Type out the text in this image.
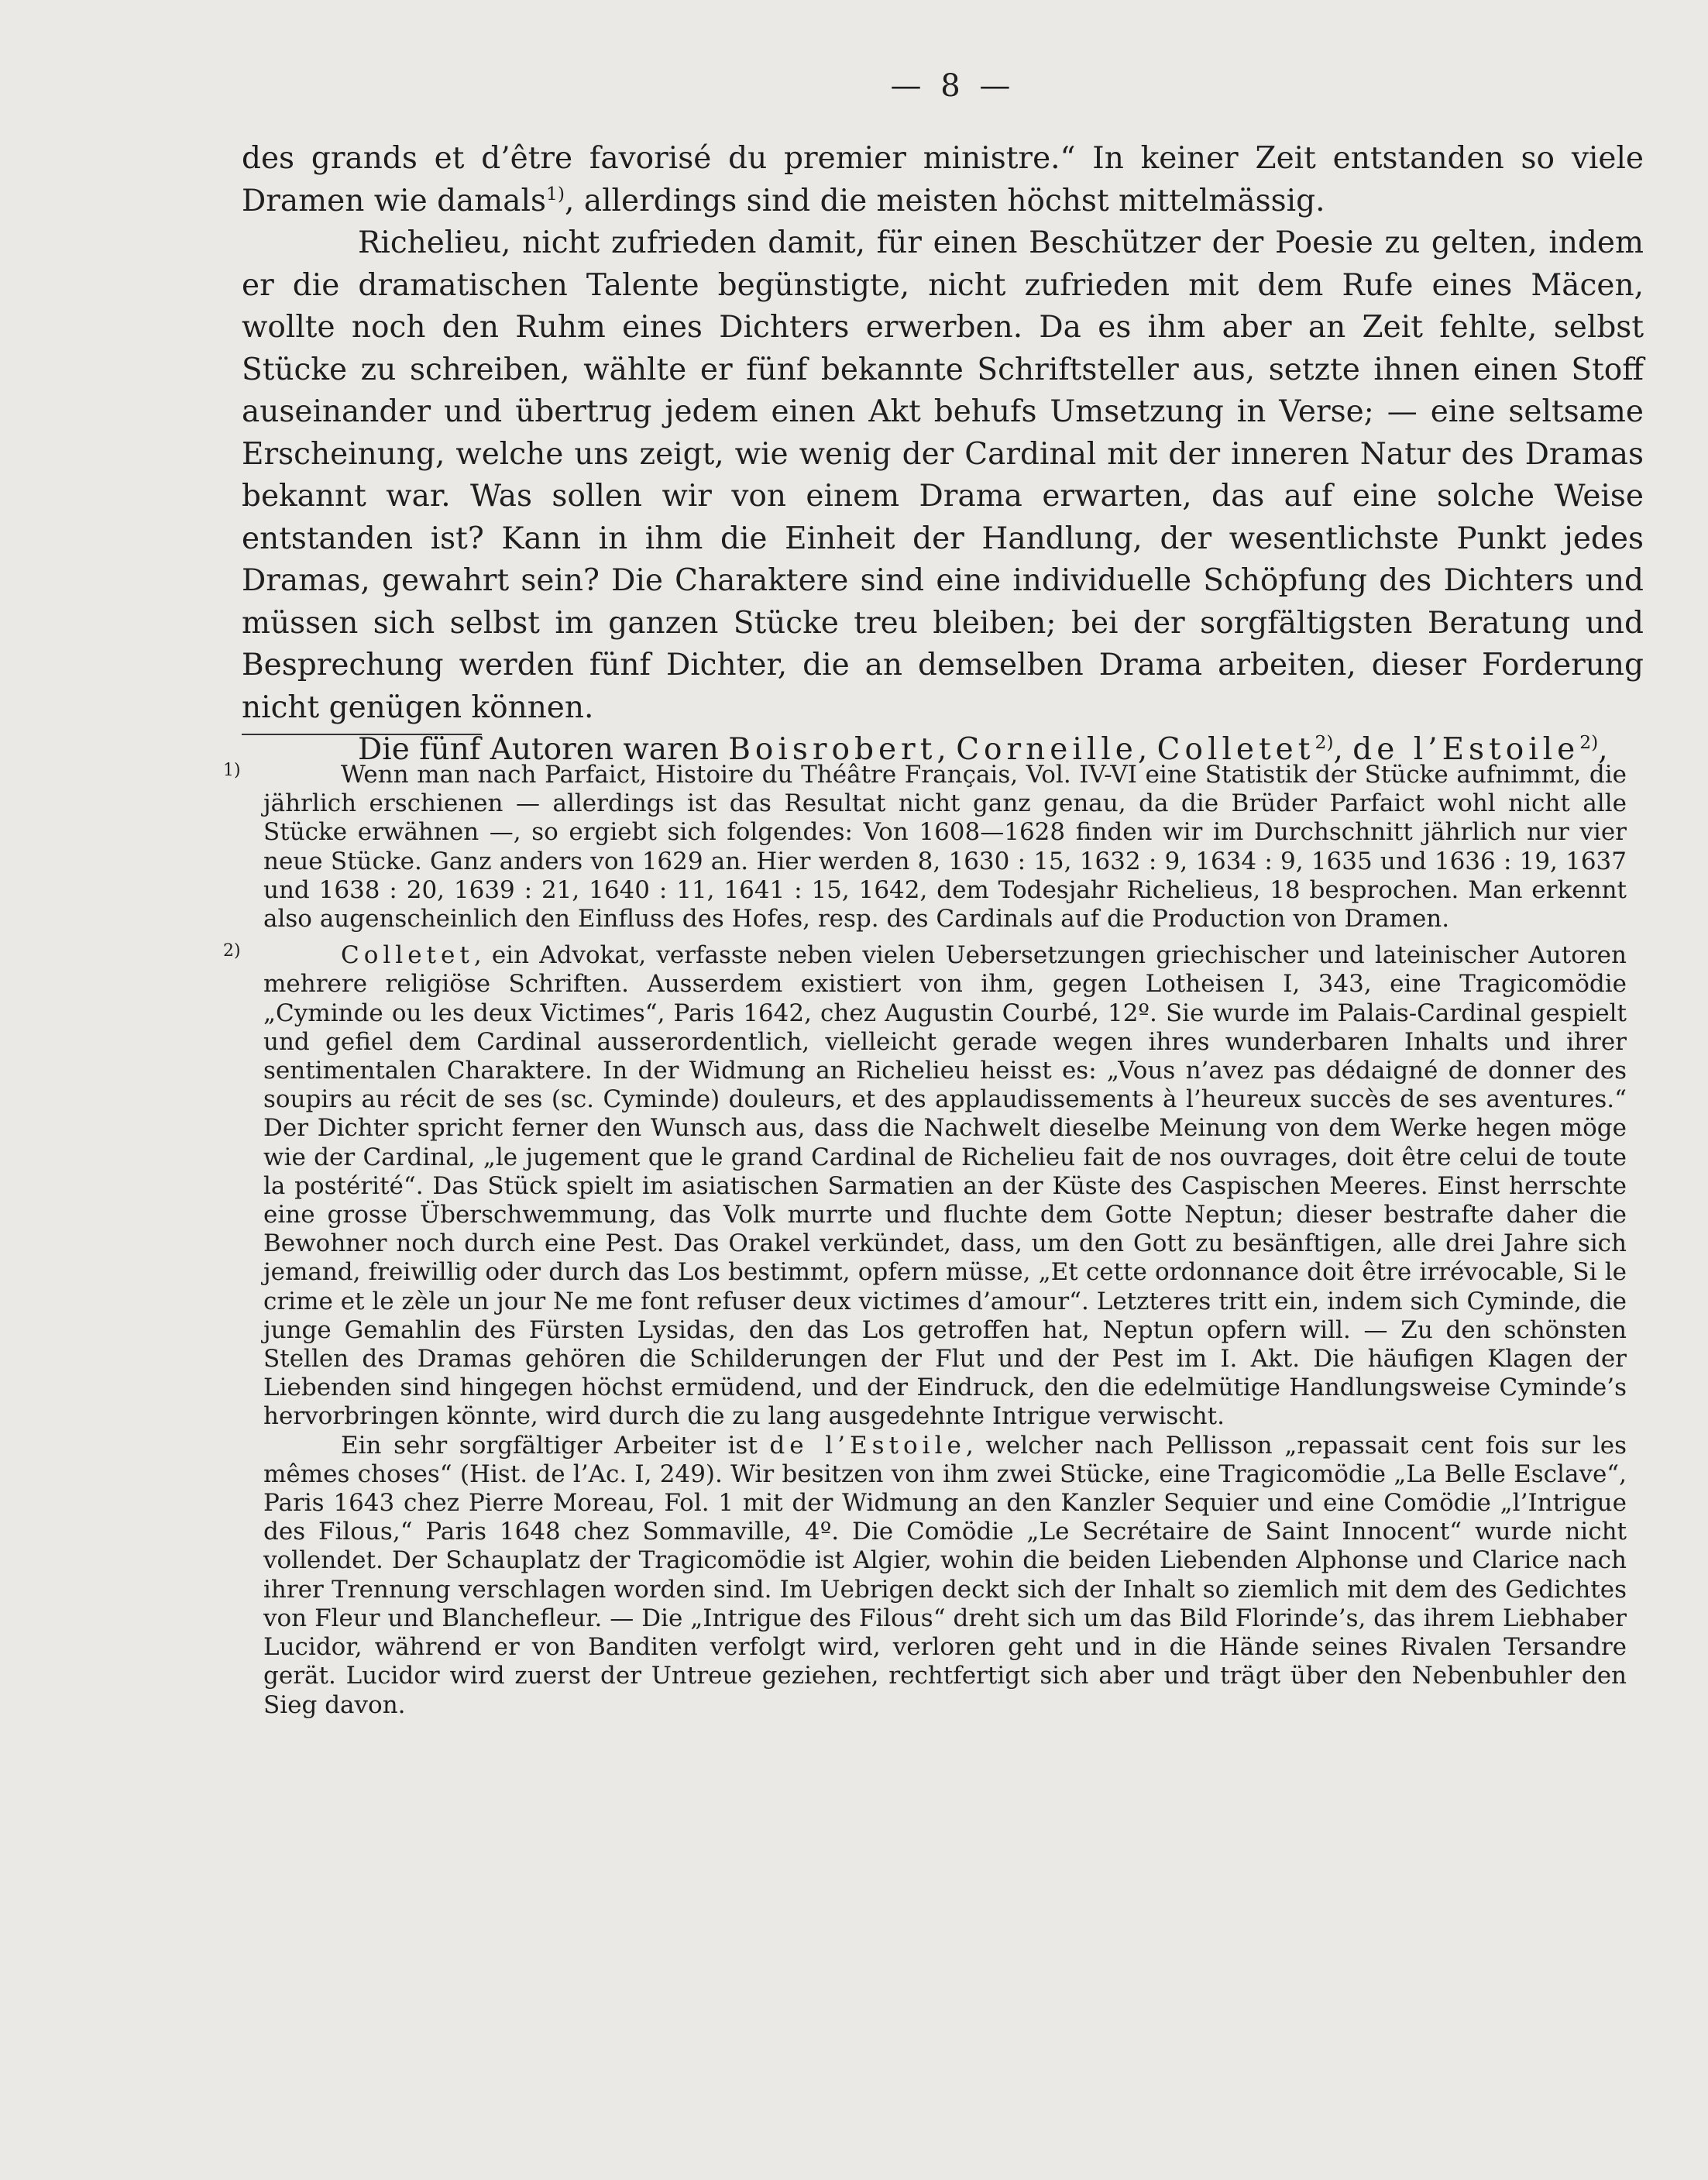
— 8 —

des grands et d’être favorisé du premier ministre.“ In keiner Zeit entstanden so viele Dramen wie damals$^{1)}$, allerdings sind die meisten höchst mittelmässig.

Richelieu, nicht zufrieden damit, für einen Beschützer der Poesie zu gelten, indem er die dramatischen Talente begünstigte, nicht zufrieden mit dem Rufe eines Mäcen, wollte noch den Ruhm eines Dichters erwerben. Da es ihm aber an Zeit fehlte, selbst Stücke zu schreiben, wählte er fünf bekannte Schriftsteller aus, setzte ihnen einen Stoff auseinander und übertrug jedem einen Akt behufs Umsetzung in Verse; — eine seltsame Erscheinung, welche uns zeigt, wie wenig der Cardinal mit der inneren Natur des Dramas bekannt war. Was sollen wir von einem Drama erwarten, das auf eine solche Weise entstanden ist? Kann in ihm die Einheit der Handlung, der wesentlichste Punkt jedes Dramas, gewahrt sein? Die Charaktere sind eine individuelle Schöpfung des Dichters und müssen sich selbst im ganzen Stücke treu bleiben; bei der sorgfältigsten Beratung und Besprechung werden fünf Dichter, die an demselben Drama arbeiten, dieser Forderung nicht genügen können.

Die fünf Autoren waren Boisrobert, Corneille, Colletet$^{2)}$, de l’Estoile$^{2)}$,

1)	Wenn man nach Parfaict, Histoire du Théâtre Français, Vol. IV-VI eine Statistik der Stücke aufnimmt, die jährlich erschienen — allerdings ist das Resultat nicht ganz genau, da die Brüder Parfaict wohl nicht alle Stücke erwähnen —, so ergiebt sich folgendes: Von 1608—1628 finden wir im Durchschnitt jährlich nur vier neue Stücke. Ganz anders von 1629 an. Hier werden 8, 1630 : 15, 1632 : 9, 1634 : 9, 1635 und 1636 : 19, 1637 und 1638 : 20, 1639 : 21, 1640 : 11, 1641 : 15, 1642, dem Todesjahr Richelieus, 18 besprochen. Man erkennt also augenscheinlich den Einfluss des Hofes, resp. des Cardinals auf die Production von Dramen.

2)	Colletet, ein Advokat, verfasste neben vielen Uebersetzungen griechischer und lateinischer Autoren mehrere religiöse Schriften. Ausserdem existiert von ihm, gegen Lotheisen I, 343, eine Tragicomödie „Cyminde ou les deux Victimes“, Paris 1642, chez Augustin Courbé, 12º. Sie wurde im Palais-Cardinal gespielt und gefiel dem Cardinal ausserordentlich, vielleicht gerade wegen ihres wunderbaren Inhalts und ihrer sentimentalen Charaktere. In der Widmung an Richelieu heisst es: „Vous n’avez pas dédaigné de donner des soupirs au récit de ses (sc. Cyminde) douleurs, et des applaudissements à l’heureux succès de ses aventures.“ Der Dichter spricht ferner den Wunsch aus, dass die Nachwelt dieselbe Meinung von dem Werke hegen möge wie der Cardinal, „le jugement que le grand Cardinal de Richelieu fait de nos ouvrages, doit être celui de toute la postérité“. Das Stück spielt im asiatischen Sarmatien an der Küste des Caspischen Meeres. Einst herrschte eine grosse Überschwemmung, das Volk murrte und fluchte dem Gotte Neptun; dieser bestrafte daher die Bewohner noch durch eine Pest. Das Orakel verkündet, dass, um den Gott zu besänftigen, alle drei Jahre sich jemand, freiwillig oder durch das Los bestimmt, opfern müsse, „Et cette ordonnance doit être irrévocable, Si le crime et le zèle un jour Ne me font refuser deux victimes d’amour“. Letzteres tritt ein, indem sich Cyminde, die junge Gemahlin des Fürsten Lysidas, den das Los getroffen hat, Neptun opfern will. — Zu den schönsten Stellen des Dramas gehören die Schilderungen der Flut und der Pest im I. Akt. Die häufigen Klagen der Liebenden sind hingegen höchst ermüdend, und der Eindruck, den die edelmütige Handlungsweise Cyminde’s hervorbringen könnte, wird durch die zu lang ausgedehnte Intrigue verwischt.

Ein sehr sorgfältiger Arbeiter ist de l’Estoile, welcher nach Pellisson „repassait cent fois sur les mêmes choses“ (Hist. de l’Ac. I, 249). Wir besitzen von ihm zwei Stücke, eine Tragicomödie „La Belle Esclave“, Paris 1643 chez Pierre Moreau, Fol. 1 mit der Widmung an den Kanzler Sequier und eine Comödie „l’Intrigue des Filous,“ Paris 1648 chez Sommaville, 4º. Die Comödie „Le Secrétaire de Saint Innocent“ wurde nicht vollendet. Der Schauplatz der Tragicomödie ist Algier, wohin die beiden Liebenden Alphonse und Clarice nach ihrer Trennung verschlagen worden sind. Im Uebrigen deckt sich der Inhalt so ziemlich mit dem des Gedichtes von Fleur und Blanchefleur. — Die „Intrigue des Filous“ dreht sich um das Bild Florinde’s, das ihrem Liebhaber Lucidor, während er von Banditen verfolgt wird, verloren geht und in die Hände seines Rivalen Tersandre gerät. Lucidor wird zuerst der Untreue geziehen, rechtfertigt sich aber und trägt über den Nebenbuhler den Sieg davon.
